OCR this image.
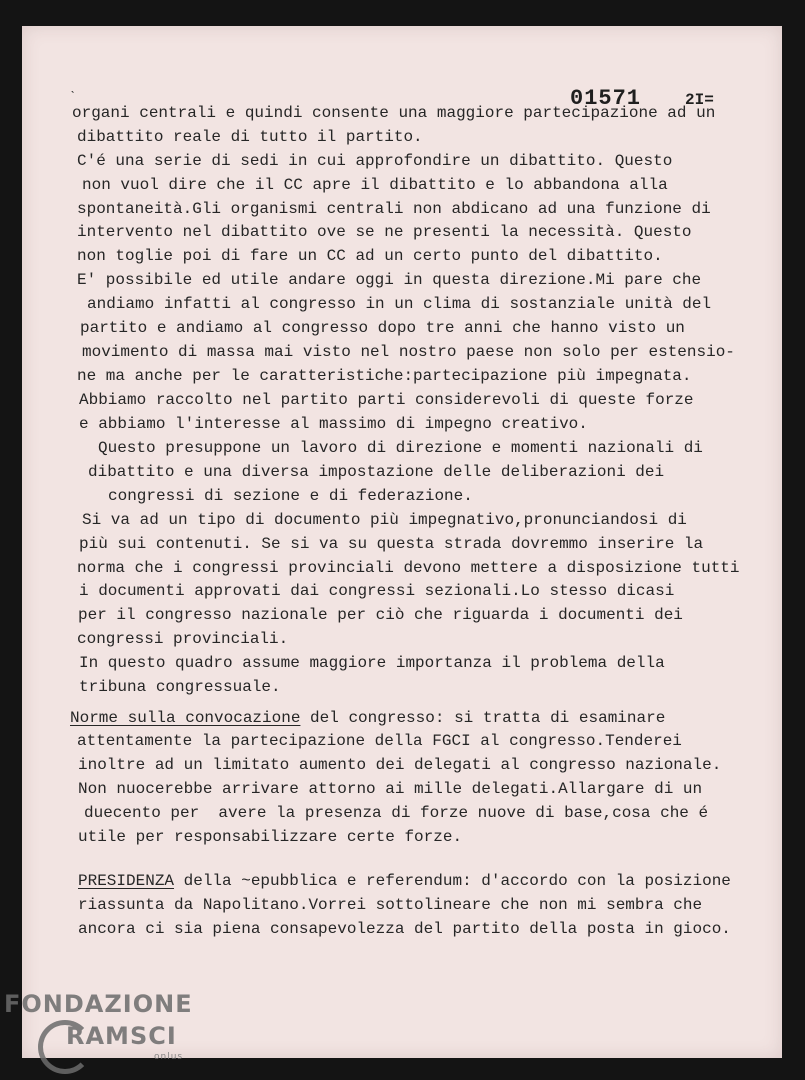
ˋ	01571	2I=
organi centrali e quindi consente una maggiore partecipazione ad un
dibattito reale di tutto il partito.
C'é una serie di sedi in cui approfondire un dibattito. Questo
non vuol dire che il CC apre il dibattito e lo abbandona alla
spontaneità.Gli organismi centrali non abdicano ad una funzione di
intervento nel dibattito ove se ne presenti la necessità. Questo
non toglie poi di fare un CC ad un certo punto del dibattito.
E' possibile ed utile andare oggi in questa direzione.Mi pare che
andiamo infatti al congresso in un clima di sostanziale unità del
partito e andiamo al congresso dopo tre anni che hanno visto un
movimento di massa mai visto nel nostro paese non solo per estensio-
ne ma anche per le caratteristiche:partecipazione più impegnata.
Abbiamo raccolto nel partito parti considerevoli di queste forze
e abbiamo l'interesse al massimo di impegno creativo.
Questo presuppone un lavoro di direzione e momenti nazionali di
dibattito e una diversa impostazione delle deliberazioni dei
congressi di sezione e di federazione.
Si va ad un tipo di documento più impegnativo,pronunciandosi di
più sui contenuti. Se si va su questa strada dovremmo inserire la
norma che i congressi provinciali devono mettere a disposizione tutti
i documenti approvati dai congressi sezionali.Lo stesso dicasi
per il congresso nazionale per ciò che riguarda i documenti dei
congressi provinciali.
In questo quadro assume maggiore importanza il problema della
tribuna congressuale.
Norme sulla convocazione del congresso: si tratta di esaminare
attentamente la partecipazione della FGCI al congresso.Tenderei
inoltre ad un limitato aumento dei delegati al congresso nazionale.
Non nuocerebbe arrivare attorno ai mille delegati.Allargare di un
duecento per  avere la presenza di forze nuove di base,cosa che é
utile per responsabilizzare certe forze.
PRESIDENZA della ~epubblica e referendum: d'accordo con la posizione
riassunta da Napolitano.Vorrei sottolineare che non mi sembra che
ancora ci sia piena consapevolezza del partito della posta in gioco.
FONDAZIONE
RAMSCI
onlus
